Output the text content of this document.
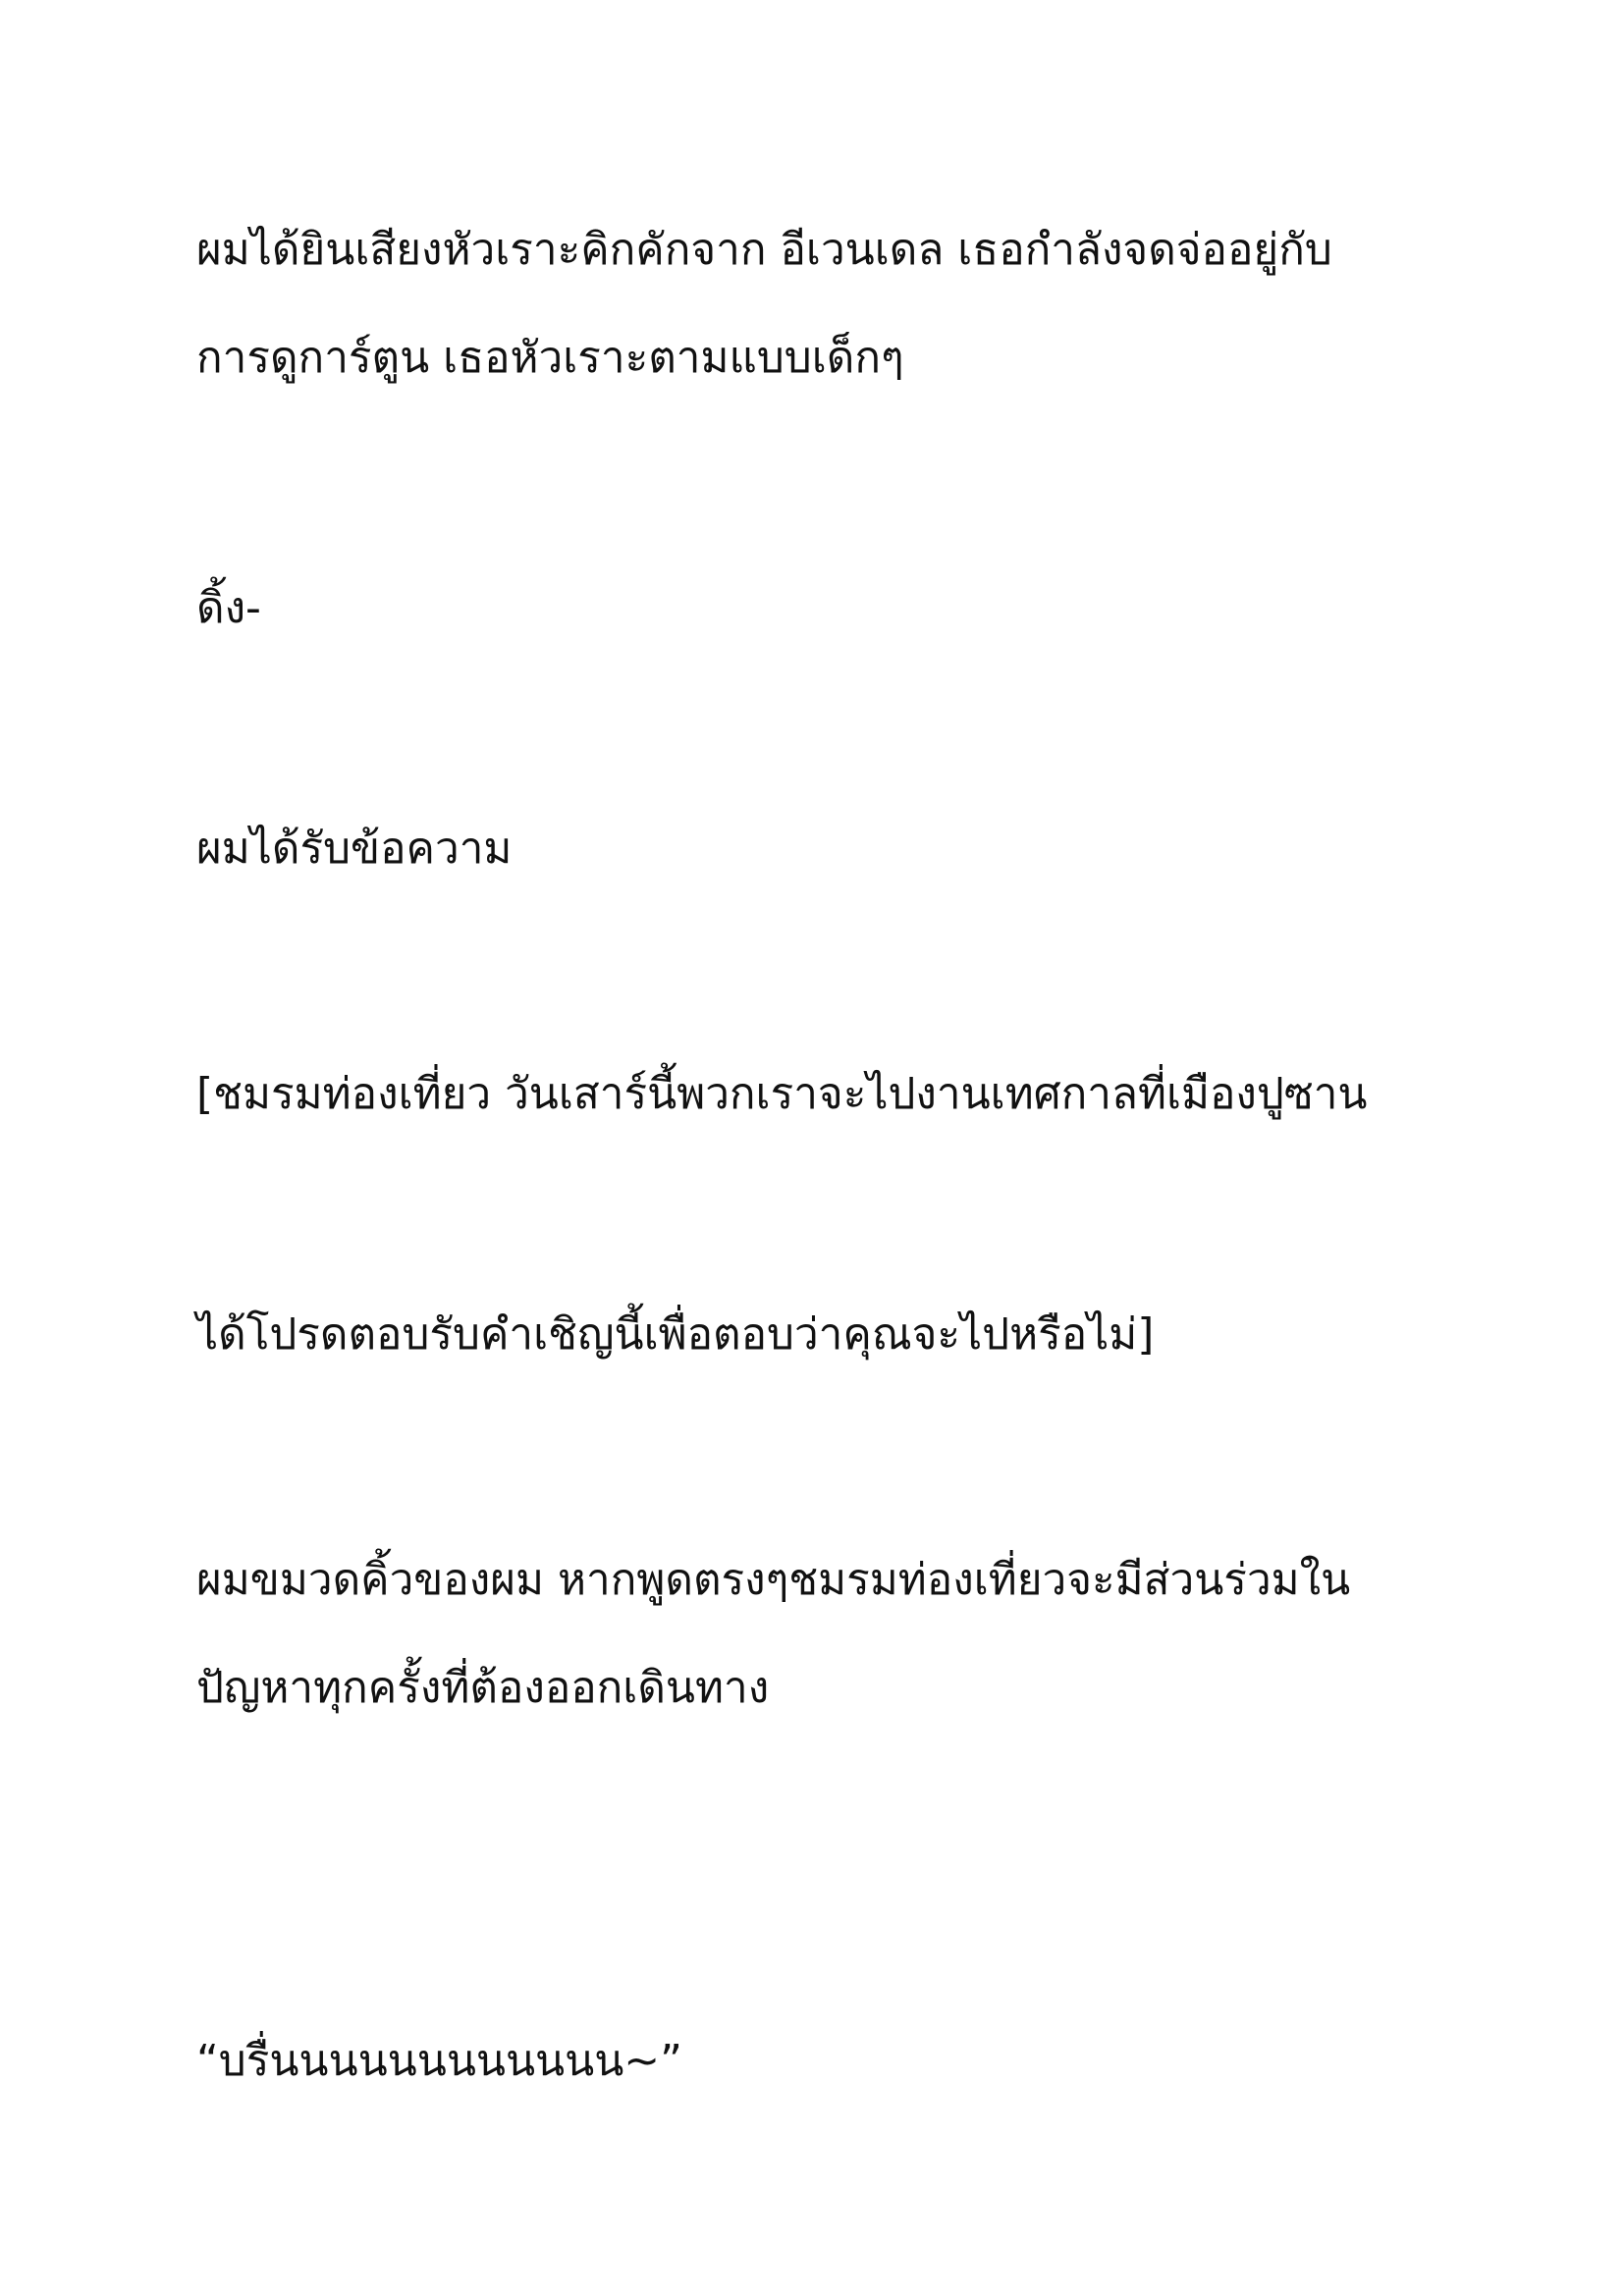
ผมได้ยินเสียงหัวเราะคิกคักจาก อีเวนเดล เธอกำลังจดจ่ออยู่กับ
การดูการ์ตูน เธอหัวเราะตามแบบเด็กๆ
ดิ้ง-
ผมได้รับข้อความ
[ชมรมท่องเที่ยว วันเสาร์นี้พวกเราจะไปงานเทศกาลที่เมืองปูซาน
ได้โปรดตอบรับคำเชิญนี้เพื่อตอบว่าคุณจะไปหรือไม่]
ผมขมวดคิ้วของผม หากพูดตรงๆชมรมท่องเที่ยวจะมีส่วนร่วมใน
ปัญหาทุกครั้งที่ต้องออกเดินทาง
“บรื่นนนนนนนนนนนน~”
